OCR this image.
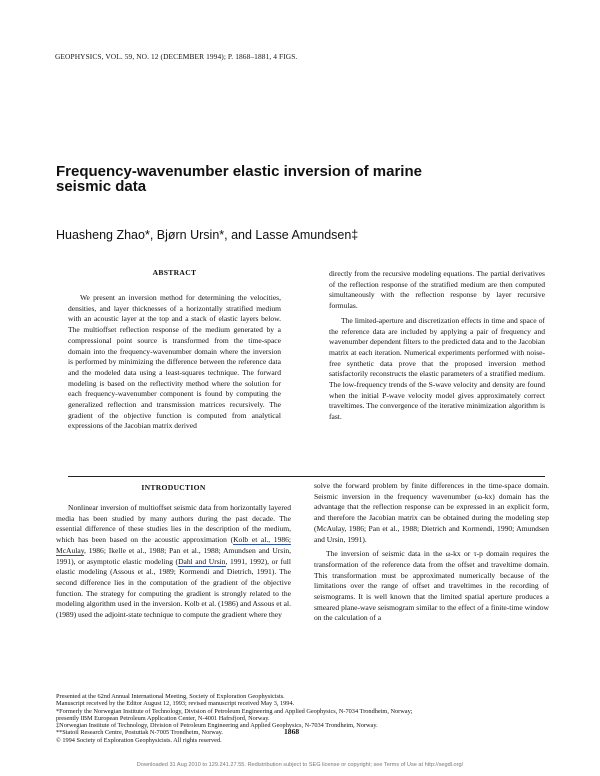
GEOPHYSICS, VOL. 59, NO. 12 (DECEMBER 1994); P. 1868–1881, 4 FIGS.
Frequency-wavenumber elastic inversion of marine seismic data
Huasheng Zhao*, Bjørn Ursin*, and Lasse Amundsen‡
ABSTRACT

We present an inversion method for determining the velocities, densities, and layer thicknesses of a horizontally stratified medium with an acoustic layer at the top and a stack of elastic layers below. The multioffset reflection response of the medium generated by a compressional point source is transformed from the time-space domain into the frequency-wavenumber domain where the inversion is performed by minimizing the difference between the reference data and the modeled data using a least-squares technique. The forward modeling is based on the reflectivity method where the solution for each frequency-wavenumber component is found by computing the generalized reflection and transmission matrices recursively. The gradient of the objective function is computed from analytical expressions of the Jacobian matrix derived

directly from the recursive modeling equations. The partial derivatives of the reflection response of the stratified medium are then computed simultaneously with the reflection response by layer recursive formulas.

The limited-aperture and discretization effects in time and space of the reference data are included by applying a pair of frequency and wavenumber dependent filters to the predicted data and to the Jacobian matrix at each iteration. Numerical experiments performed with noise-free synthetic data prove that the proposed inversion method satisfactorily reconstructs the elastic parameters of a stratified medium. The low-frequency trends of the S-wave velocity and density are found when the initial P-wave velocity model gives approximately correct traveltimes. The convergence of the iterative minimization algorithm is fast.

INTRODUCTION

Nonlinear inversion of multioffset seismic data from horizontally layered media has been studied by many authors during the past decade. The essential difference of these studies lies in the description of the medium, which has been based on the acoustic approximation (Kolb et al., 1986; McAulay, 1986; Ikelle et al., 1988; Pan et al., 1988; Amundsen and Ursin, 1991), or asymptotic elastic modeling (Dahl and Ursin, 1991, 1992), or full elastic modeling (Assous et al., 1989; Kormendi and Dietrich, 1991). The second difference lies in the computation of the gradient of the objective function. The strategy for computing the gradient is strongly related to the modeling algorithm used in the inversion. Kolb et al. (1986) and Assous et al. (1989) used the adjoint-state technique to compute the gradient where they

solve the forward problem by finite differences in the time-space domain. Seismic inversion in the frequency wavenumber (ω-kx) domain has the advantage that the reflection response can be expressed in an explicit form, and therefore the Jacobian matrix can be obtained during the modeling step (McAulay, 1986; Pan et al., 1988; Dietrich and Kormendi, 1990; Amundsen and Ursin, 1991).

The inversion of seismic data in the ω-kx or τ-p domain requires the transformation of the reference data from the offset and traveltime domain. This transformation must be approximated numerically because of the limitations over the range of offset and traveltimes in the recording of seismograms. It is well known that the limited spatial aperture produces a smeared plane-wave seismogram similar to the effect of a finite-time window on the calculation of a

Presented at the 62nd Annual International Meeting, Society of Exploration Geophysicists.
Manuscript received by the Editor August 12, 1993; revised manuscript received May 3, 1994.
*Formerly the Norwegian Institute of Technology, Division of Petroleum Engineering and Applied Geophysics, N-7034 Trondheim, Norway;
presently IBM European Petroleum Application Center, N-4001 Hafrsfjord, Norway.
‡Norwegian Institute of Technology, Division of Petroleum Engineering and Applied Geophysics, N-7034 Trondheim, Norway.
**Statoil Research Centre, Postuttak N-7005 Trondheim, Norway.
© 1994 Society of Exploration Geophysicists. All rights reserved.
1868
Downloaded 31 Aug 2010 to 129.241.27.55. Redistribution subject to SEG license or copyright; see Terms of Use at http://segdl.org/
